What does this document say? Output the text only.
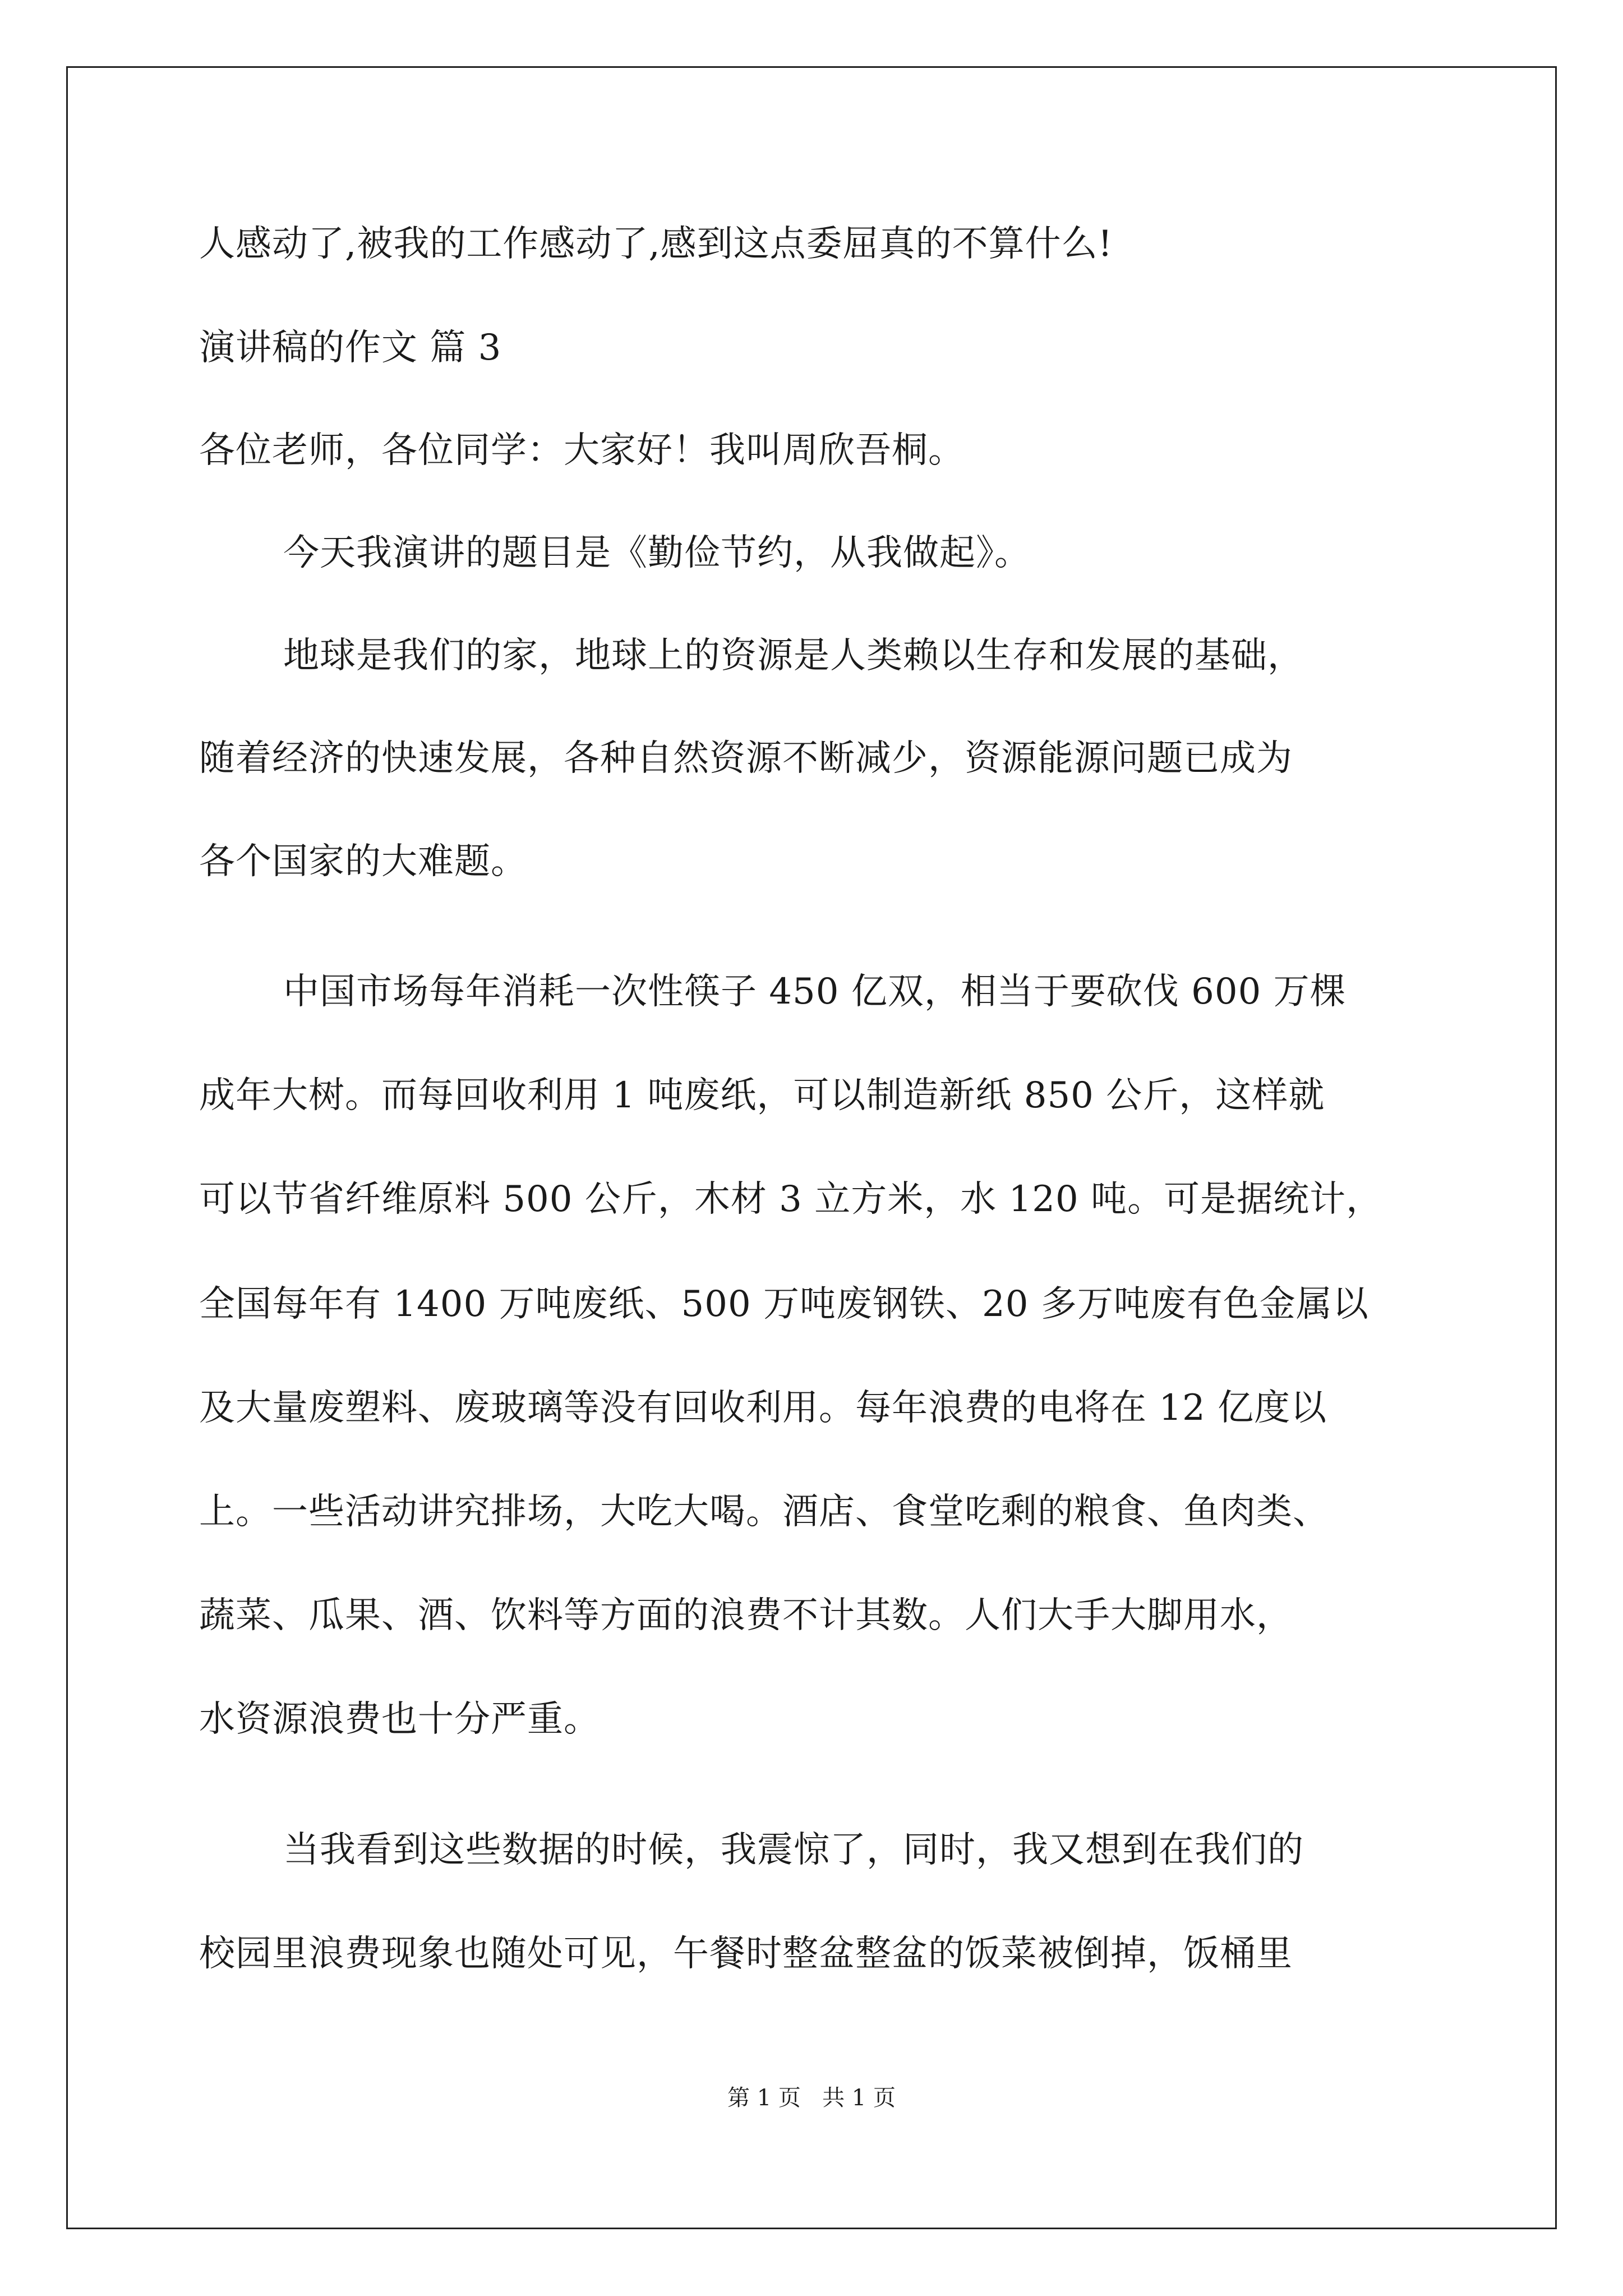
人感动了,被我的工作感动了,感到这点委屈真的不算什么!
演讲稿的作文 篇 3
各位老师，各位同学：大家好！我叫周欣吾桐。
今天我演讲的题目是《勤俭节约，从我做起》。
地球是我们的家，地球上的资源是人类赖以生存和发展的基础，
随着经济的快速发展，各种自然资源不断减少，资源能源问题已成为
各个国家的大难题。
中国市场每年消耗一次性筷子 450 亿双，相当于要砍伐 600 万棵
成年大树。而每回收利用 1 吨废纸，可以制造新纸 850 公斤，这样就
可以节省纤维原料 500 公斤，木材 3 立方米，水 120 吨。可是据统计，
全国每年有 1400 万吨废纸、500 万吨废钢铁、20 多万吨废有色金属以
及大量废塑料、废玻璃等没有回收利用。每年浪费的电将在 12 亿度以
上。一些活动讲究排场，大吃大喝。酒店、食堂吃剩的粮食、鱼肉类、
蔬菜、瓜果、酒、饮料等方面的浪费不计其数。人们大手大脚用水，
水资源浪费也十分严重。
当我看到这些数据的时候，我震惊了，同时，我又想到在我们的
校园里浪费现象也随处可见，午餐时整盆整盆的饭菜被倒掉，饭桶里
第 1 页   共 1 页
